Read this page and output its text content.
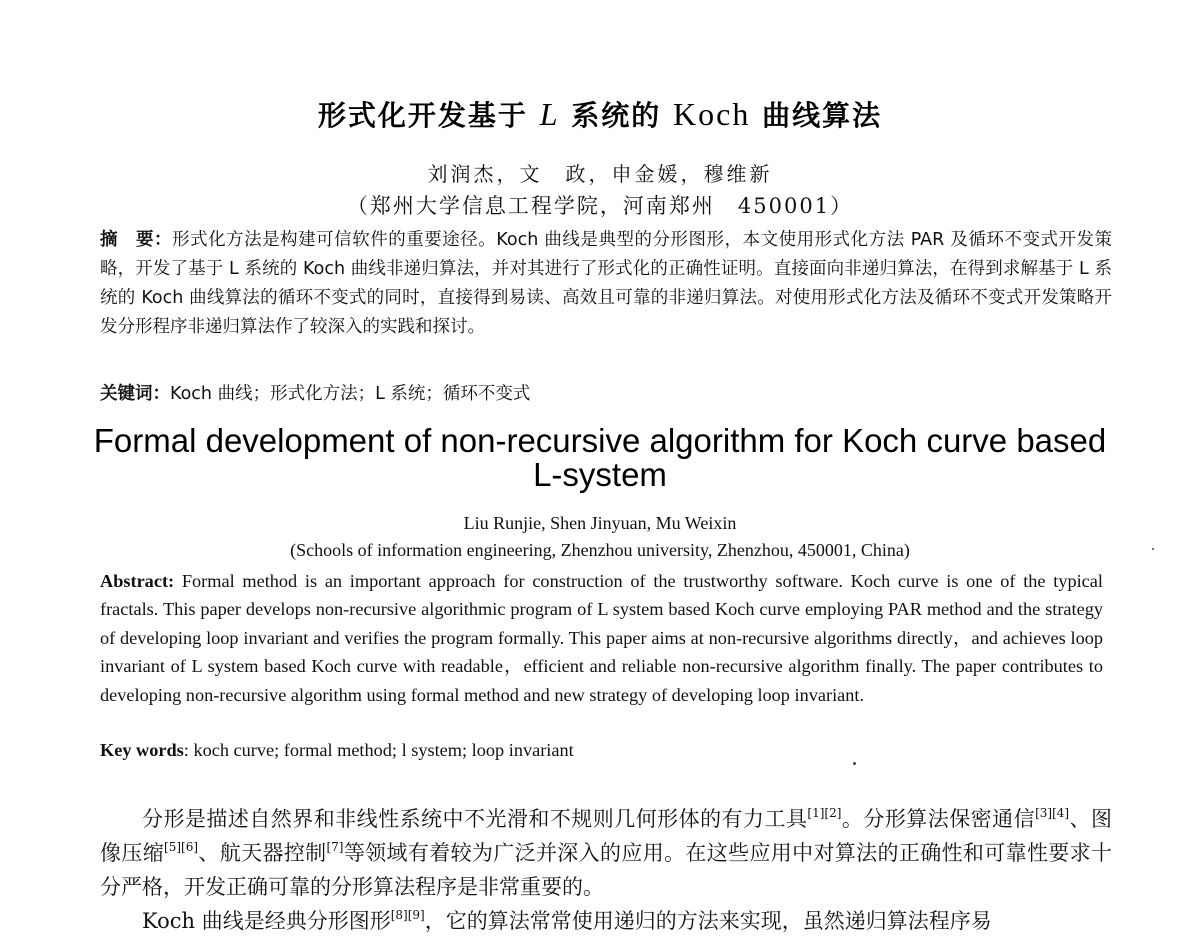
形式化开发基于 L 系统的 Koch 曲线算法
刘润杰，文　政，申金媛，穆维新
（郑州大学信息工程学院，河南郑州　450001）
摘　要：形式化方法是构建可信软件的重要途径。Koch 曲线是典型的分形图形，本文使用形式化方法 PAR 及循环不变式开发策略，开发了基于 L 系统的 Koch 曲线非递归算法，并对其进行了形式化的正确性证明。直接面向非递归算法，在得到求解基于 L 系统的 Koch 曲线算法的循环不变式的同时，直接得到易读、高效且可靠的非递归算法。对使用形式化方法及循环不变式开发策略开发分形程序非递归算法作了较深入的实践和探讨。
关键词：Koch 曲线；形式化方法；L 系统；循环不变式
Formal development of non-recursive algorithm for Koch curve based L-system
Liu Runjie, Shen Jinyuan, Mu Weixin
(Schools of information engineering, Zhenzhou university, Zhenzhou, 450001, China)
Abstract: Formal method is an important approach for construction of the trustworthy software. Koch curve is one of the typical fractals. This paper develops non-recursive algorithmic program of L system based Koch curve employing PAR method and the strategy of developing loop invariant and verifies the program formally. This paper aims at non-recursive algorithms directly，and achieves loop invariant of L system based Koch curve with readable，efficient and reliable non-recursive algorithm finally. The paper contributes to developing non-recursive algorithm using formal method and new strategy of developing loop invariant.
Key words: koch curve; formal method; l system; loop invariant

分形是描述自然界和非线性系统中不光滑和不规则几何形体的有力工具[1][2]。分形算法保密通信[3][4]、图像压缩[5][6]、航天器控制[7]等领域有着较为广泛并深入的应用。在这些应用中对算法的正确性和可靠性要求十分严格，开发正确可靠的分形算法程序是非常重要的。

Koch 曲线是经典分形图形[8][9]，它的算法常常使用递归的方法来实现，虽然递归算法程序易
